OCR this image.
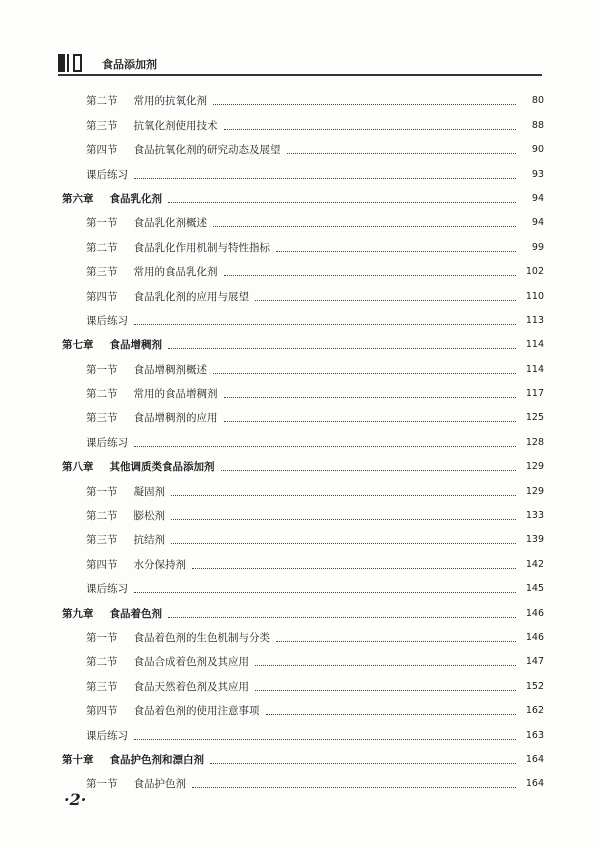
食品添加剂
第二节 常用的抗氧化剂	80
第三节 抗氧化剂使用技术	88
第四节 食品抗氧化剂的研究动态及展望	90
课后练习	93
第六章 食品乳化剂	94
第一节 食品乳化剂概述	94
第二节 食品乳化作用机制与特性指标	99
第三节 常用的食品乳化剂	102
第四节 食品乳化剂的应用与展望	110
课后练习	113
第七章 食品增稠剂	114
第一节 食品增稠剂概述	114
第二节 常用的食品增稠剂	117
第三节 食品增稠剂的应用	125
课后练习	128
第八章 其他调质类食品添加剂	129
第一节 凝固剂	129
第二节 膨松剂	133
第三节 抗结剂	139
第四节 水分保持剂	142
课后练习	145
第九章 食品着色剂	146
第一节 食品着色剂的生色机制与分类	146
第二节 食品合成着色剂及其应用	147
第三节 食品天然着色剂及其应用	152
第四节 食品着色剂的使用注意事项	162
课后练习	163
第十章 食品护色剂和漂白剂	164
第一节 食品护色剂	164
·2·
